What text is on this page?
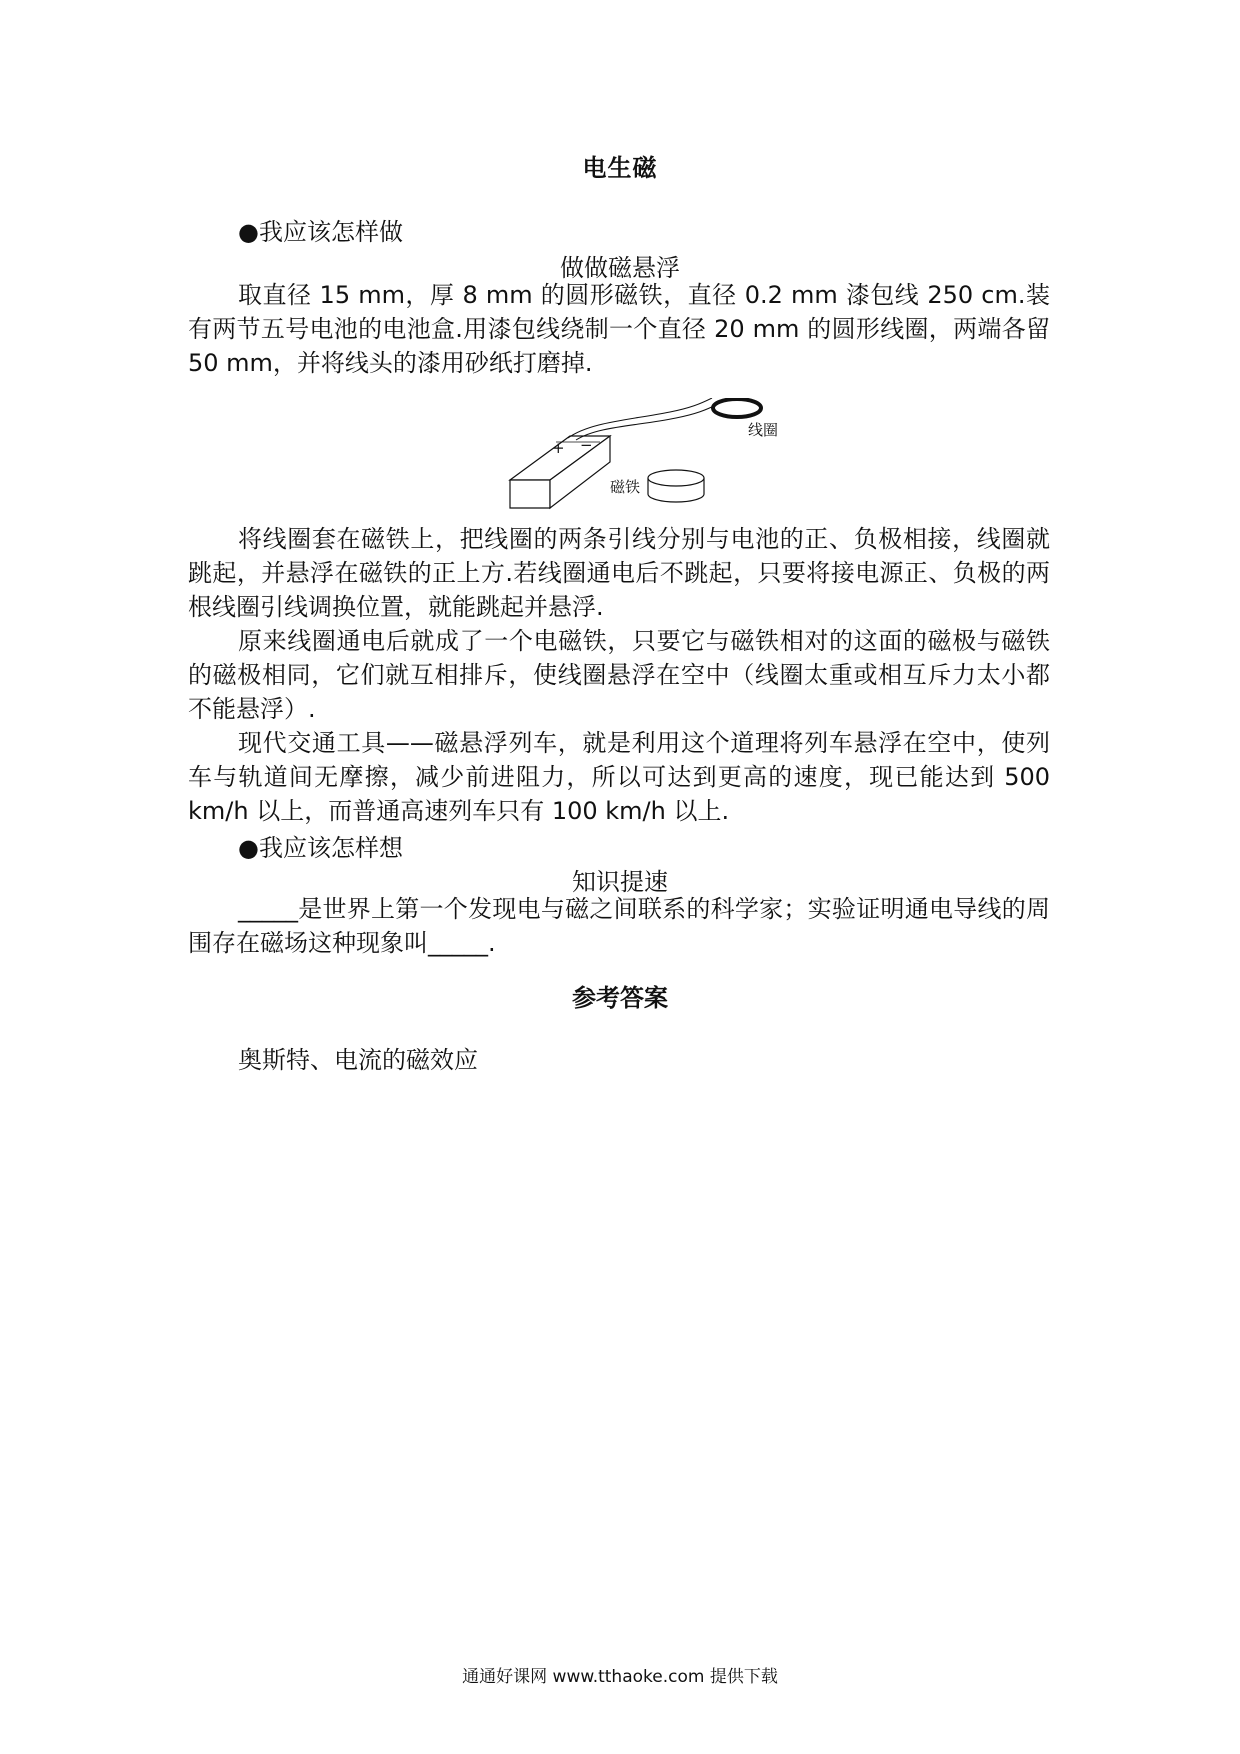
电生磁
●我应该怎样做
做做磁悬浮
取直径 15 mm，厚 8 mm 的圆形磁铁，直径 0.2 mm 漆包线 250 cm.装有两节五号电池的电池盒.用漆包线绕制一个直径 20 mm 的圆形线圈，两端各留 50 mm，并将线头的漆用砂纸打磨掉.
+ −
线圈
磁铁
将线圈套在磁铁上，把线圈的两条引线分别与电池的正、负极相接，线圈就跳起，并悬浮在磁铁的正上方.若线圈通电后不跳起，只要将接电源正、负极的两根线圈引线调换位置，就能跳起并悬浮.
原来线圈通电后就成了一个电磁铁，只要它与磁铁相对的这面的磁极与磁铁的磁极相同，它们就互相排斥，使线圈悬浮在空中（线圈太重或相互斥力太小都不能悬浮）.
现代交通工具——磁悬浮列车，就是利用这个道理将列车悬浮在空中，使列车与轨道间无摩擦，减少前进阻力，所以可达到更高的速度，现已能达到 500 km/h 以上，而普通高速列车只有 100 km/h 以上.
●我应该怎样想
知识提速
_____是世界上第一个发现电与磁之间联系的科学家；实验证明通电导线的周围存在磁场这种现象叫_____.
参考答案
奥斯特、电流的磁效应
通通好课网 www.tthaoke.com 提供下载
